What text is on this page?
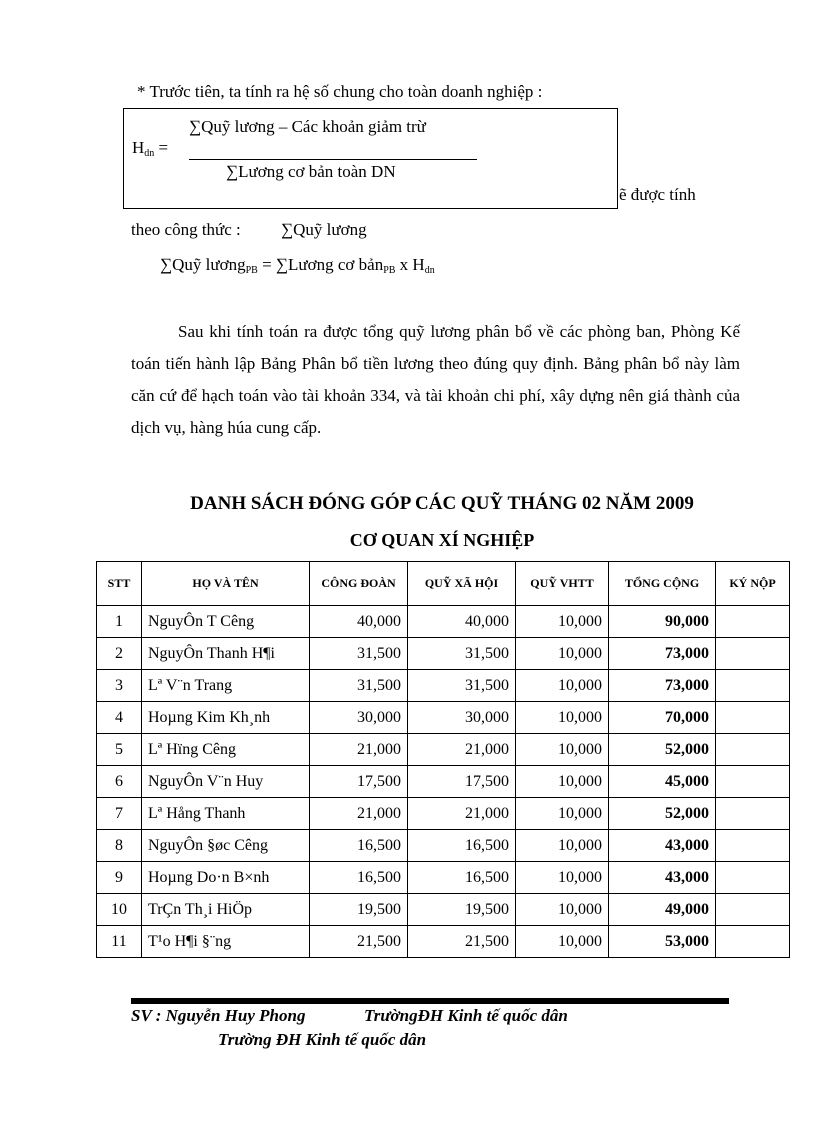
* Trước tiên, ta tính ra hệ số chung cho toàn doanh nghiệp :
∑Quỹ lương – Các khoản giảm trừ
∑Lương cơ bản toàn DN
$H_{dn}$ =
ẽ được tính
theo công thức : ∑Quỹ lương
∑Quỹ lương$_{PB}$ = ∑Lương cơ bản$_{PB}$ x $H_{dn}$

Sau khi tính toán ra được tổng quỹ lương phân bổ về các phòng ban, Phòng Kế toán tiến hành lập Bảng Phân bổ tiền lương theo đúng quy định. Bảng phân bổ này làm căn cứ để hạch toán vào tài khoản 334, và tài khoản chi phí, xây dựng nên giá thành của dịch vụ, hàng húa cung cấp.

DANH SÁCH ĐÓNG GÓP CÁC QUỸ THÁNG 02 NĂM 2009
CƠ QUAN XÍ NGHIỆP
STT	HỌ VÀ TÊN	CÔNG ĐOÀN	QUỸ XÃ HỘI	QUỸ VHTT	TỔNG CỘNG	KÝ NỘP
1	NguyÔn T Cêng	40,000	40,000	10,000	90,000	
2	NguyÔn Thanh H¶i	31,500	31,500	10,000	73,000	
3	Lª V¨n Trang	31,500	31,500	10,000	73,000	
4	Hoµng Kim Kh¸nh	30,000	30,000	10,000	70,000	
5	Lª Hïng Cêng	21,000	21,000	10,000	52,000	
6	NguyÔn V¨n Huy	17,500	17,500	10,000	45,000	
7	Lª Hång Thanh	21,000	21,000	10,000	52,000	
8	NguyÔn §øc Cêng	16,500	16,500	10,000	43,000	
9	Hoµng Do·n B×nh	16,500	16,500	10,000	43,000	
10	TrÇn Th¸i HiÖp	19,500	19,500	10,000	49,000	
11	T¹o H¶i §¨ng	21,500	21,500	10,000	53,000	
SV : Nguyễn Huy Phong	TrườngĐH Kinh tế quốc dân
Trường ĐH Kinh tế quốc dân
